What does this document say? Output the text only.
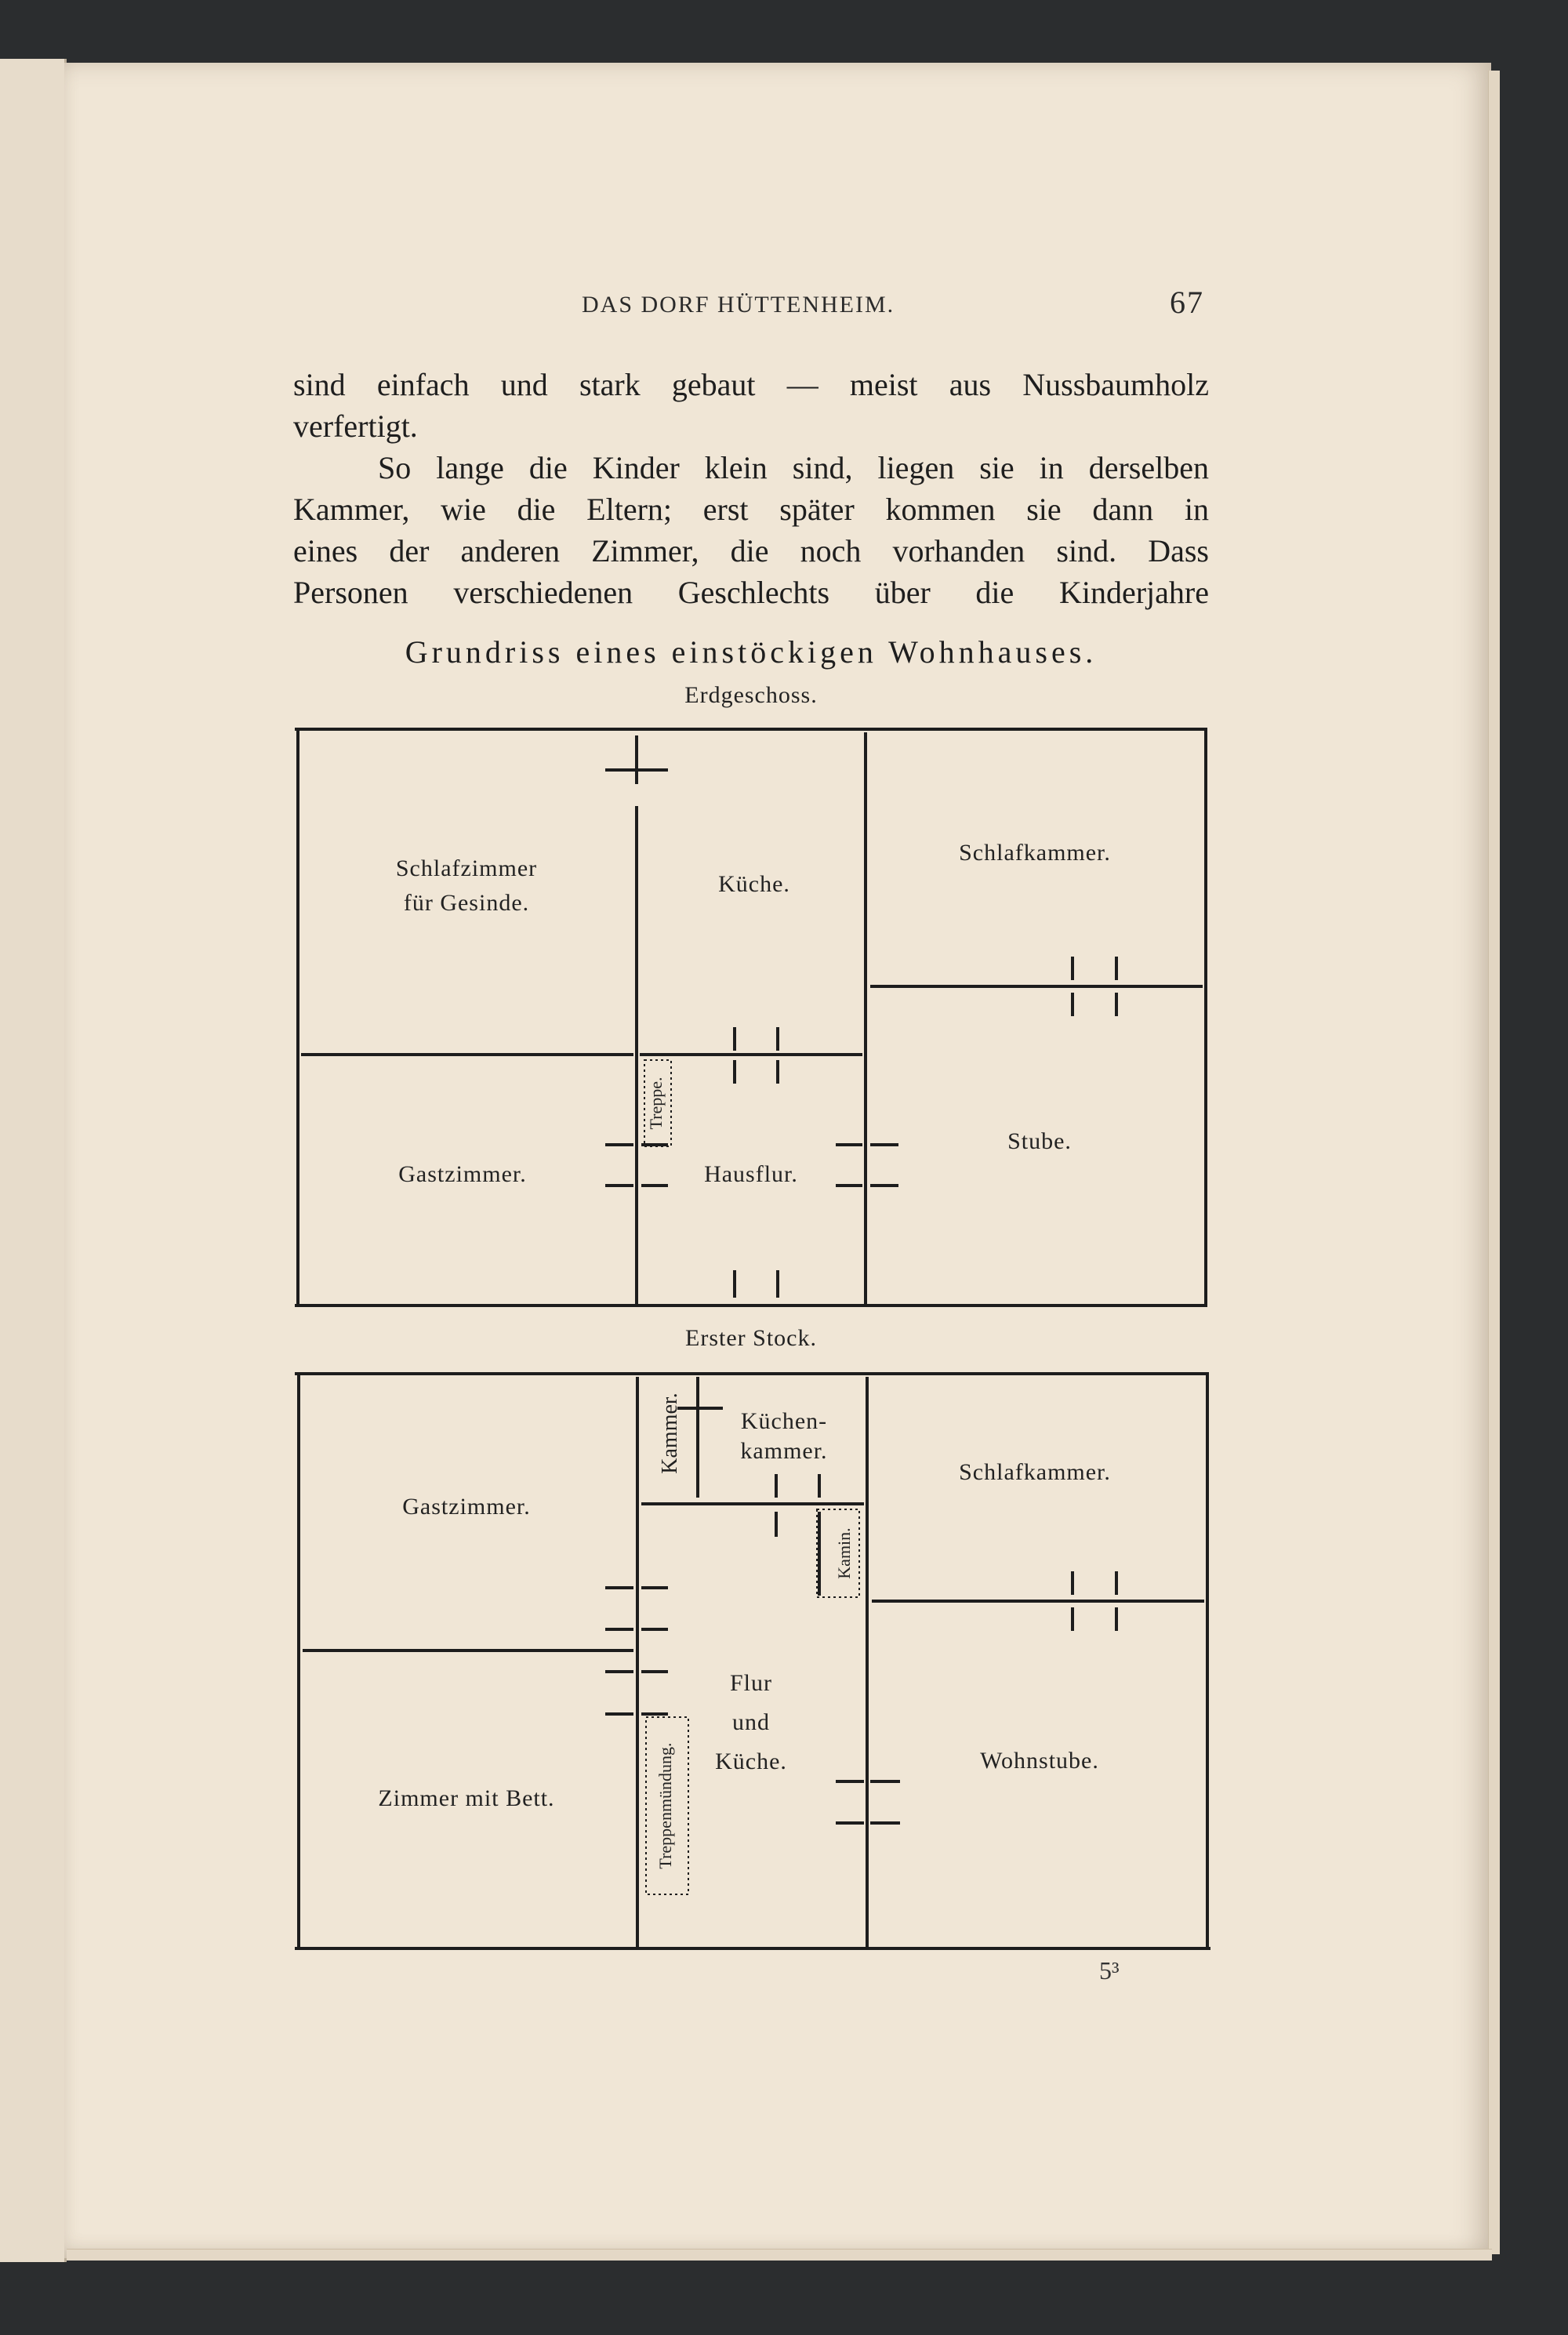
DAS DORF HÜTTENHEIM.	67
sind einfach und stark gebaut — meist aus Nussbaumholz
verfertigt.
So lange die Kinder klein sind, liegen sie in derselben
Kammer, wie die Eltern; erst später kommen sie dann in
eines der anderen Zimmer, die noch vorhanden sind. Dass
Personen verschiedenen Geschlechts über die Kinderjahre
Grundriss eines einstöckigen Wohnhauses.
Erdgeschoss.
Erster Stock.
Schlafzimmer
für Gesinde.
Küche.
Schlafkammer.
Treppe.
Gastzimmer.	Hausflur.
Stube.
Kammer.	Küchen-
kammer.
Schlafkammer.
Gastzimmer.
Kamin.
Flur
und
Küche.
Treppenmündung.
Zimmer mit Bett.
Wohnstube.
5³
